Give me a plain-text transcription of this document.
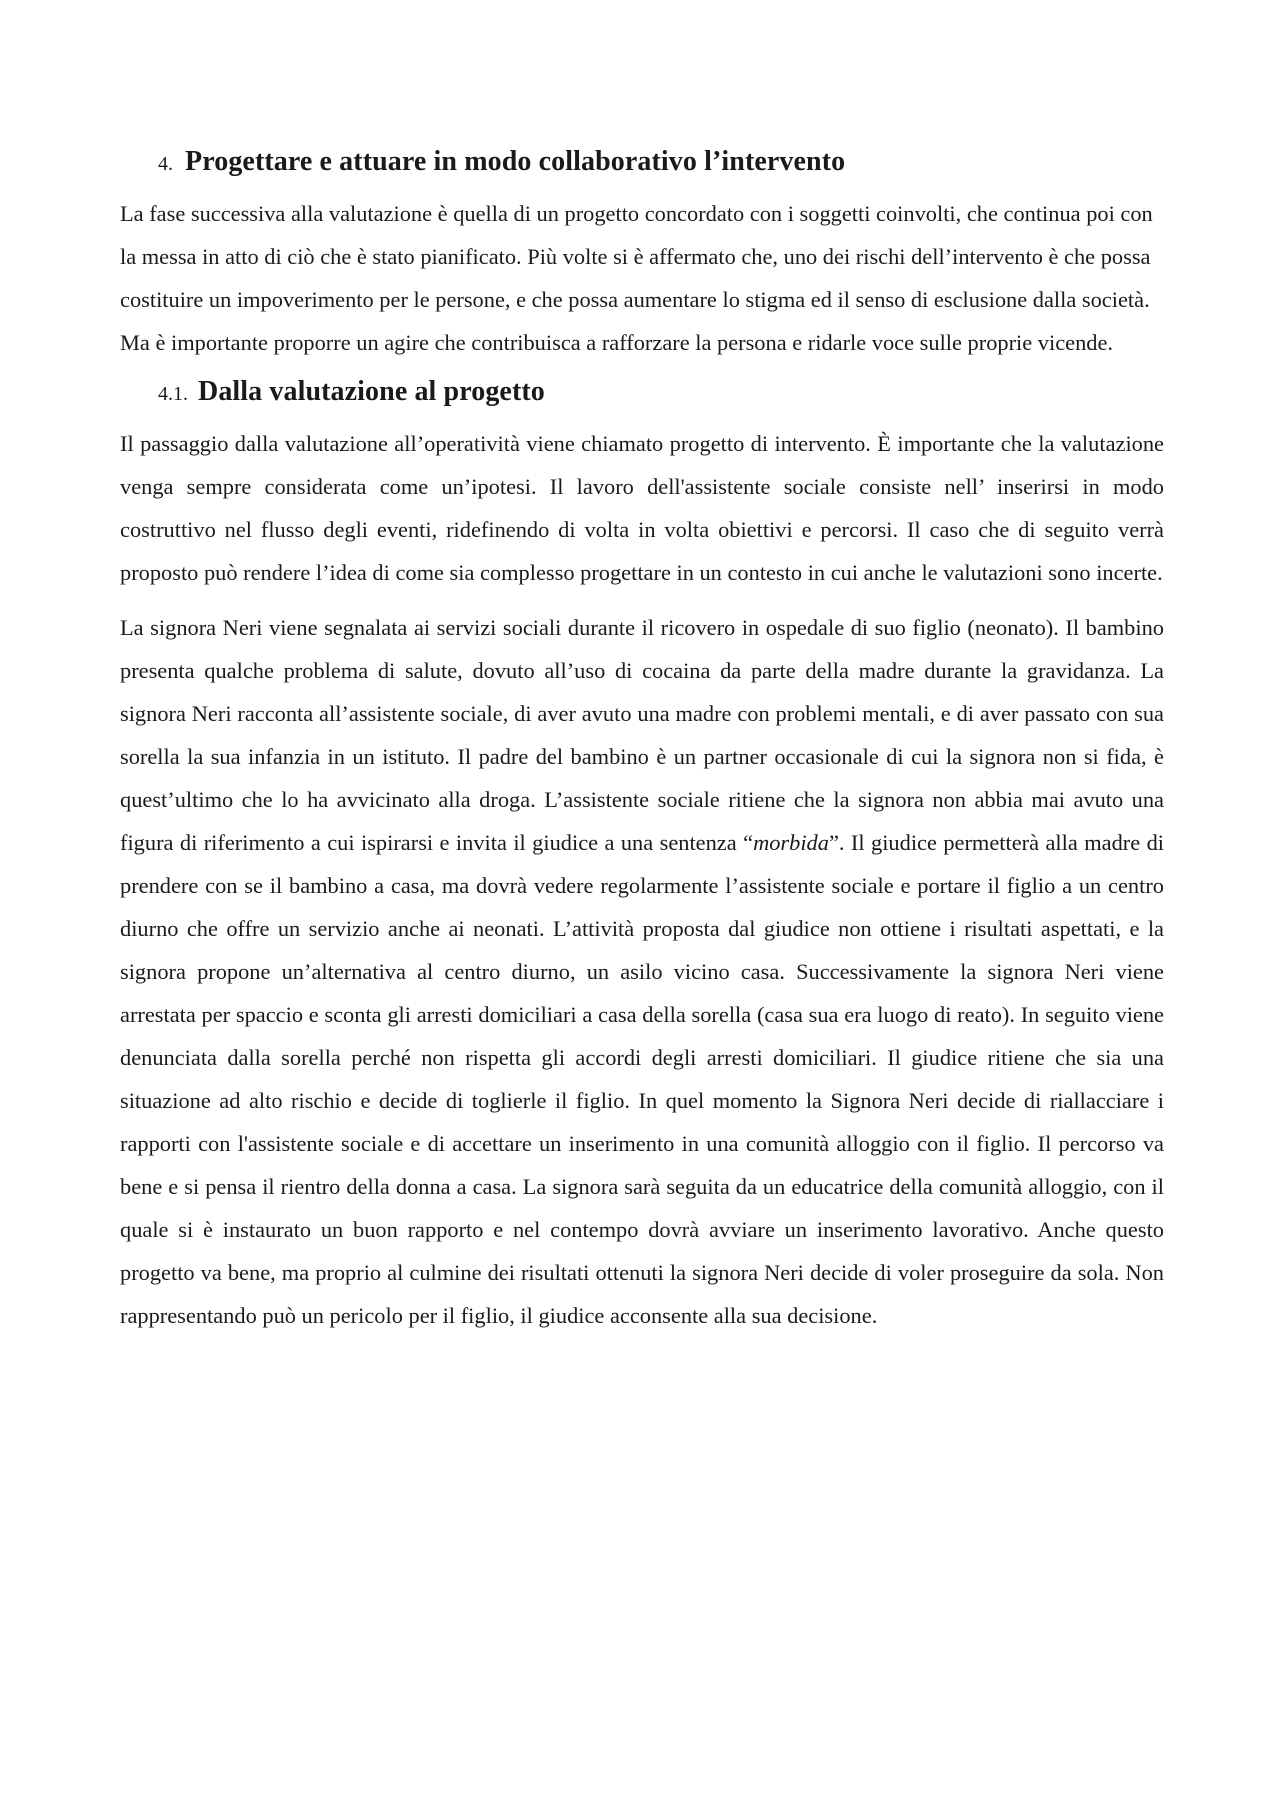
4. Progettare e attuare in modo collaborativo l’intervento

La fase successiva alla valutazione è quella di un progetto concordato con i soggetti coinvolti, che continua poi con la messa in atto di ciò che è stato pianificato. Più volte si è affermato che, uno dei rischi dell’intervento è che possa costituire un impoverimento per le persone, e che possa aumentare lo stigma ed il senso di esclusione dalla società. Ma è importante proporre un agire che contribuisca a rafforzare la persona e ridarle voce sulle proprie vicende.

4.1. Dalla valutazione al progetto

Il passaggio dalla valutazione all’operatività viene chiamato progetto di intervento. È importante che la valutazione venga sempre considerata come un’ipotesi. Il lavoro dell'assistente sociale consiste nell’ inserirsi in modo costruttivo nel flusso degli eventi, ridefinendo di volta in volta obiettivi e percorsi. Il caso che di seguito verrà proposto può rendere l’idea di come sia complesso progettare in un contesto in cui anche le valutazioni sono incerte.

La signora Neri viene segnalata ai servizi sociali durante il ricovero in ospedale di suo figlio (neonato). Il bambino presenta qualche problema di salute, dovuto all’uso di cocaina da parte della madre durante la gravidanza. La signora Neri racconta all’assistente sociale, di aver avuto una madre con problemi mentali, e di aver passato con sua sorella la sua infanzia in un istituto. Il padre del bambino è un partner occasionale di cui la signora non si fida, è quest’ultimo che lo ha avvicinato alla droga. L’assistente sociale ritiene che la signora non abbia mai avuto una figura di riferimento a cui ispirarsi e invita il giudice a una sentenza “morbida”. Il giudice permetterà alla madre di prendere con se il bambino a casa, ma dovrà vedere regolarmente l’assistente sociale e portare il figlio a un centro diurno che offre un servizio anche ai neonati. L’attività proposta dal giudice non ottiene i risultati aspettati, e la signora propone un’alternativa al centro diurno, un asilo vicino casa. Successivamente la signora Neri viene arrestata per spaccio e sconta gli arresti domiciliari a casa della sorella (casa sua era luogo di reato). In seguito viene denunciata dalla sorella perché non rispetta gli accordi degli arresti domiciliari. Il giudice ritiene che sia una situazione ad alto rischio e decide di toglierle il figlio. In quel momento la Signora Neri decide di riallacciare i rapporti con l'assistente sociale e di accettare un inserimento in una comunità alloggio con il figlio. Il percorso va bene e si pensa il rientro della donna a casa. La signora sarà seguita da un educatrice della comunità alloggio, con il quale si è instaurato un buon rapporto e nel contempo dovrà avviare un inserimento lavorativo. Anche questo progetto va bene, ma proprio al culmine dei risultati ottenuti la signora Neri decide di voler proseguire da sola. Non rappresentando può un pericolo per il figlio, il giudice acconsente alla sua decisione.
